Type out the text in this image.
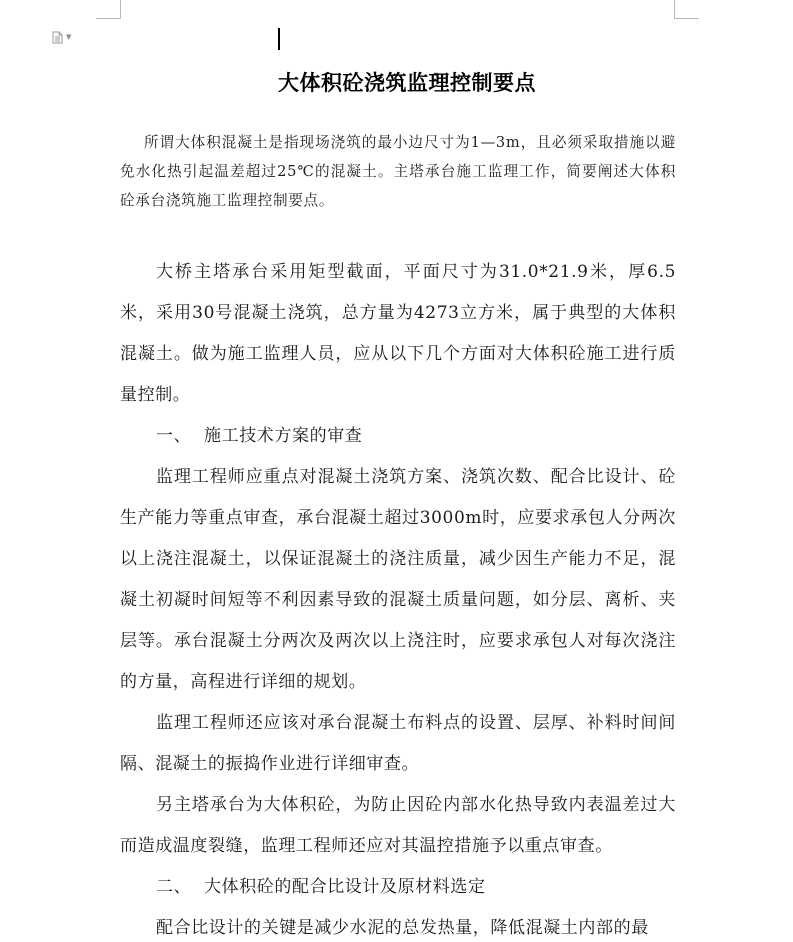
▼
大体积砼浇筑监理控制要点
所谓大体积混凝土是指现场浇筑的最小边尺寸为1—3m，且必须采取措施以避免水化热引起温差超过25℃的混凝土。主塔承台施工监理工作，简要阐述大体积砼承台浇筑施工监理控制要点。

大桥主塔承台采用矩型截面，平面尺寸为31.0*21.9米，厚6.5米，采用30号混凝土浇筑，总方量为4273立方米，属于典型的大体积混凝土。做为施工监理人员，应从以下几个方面对大体积砼施工进行质量控制。

一、 施工技术方案的审查

监理工程师应重点对混凝土浇筑方案、浇筑次数、配合比设计、砼生产能力等重点审查，承台混凝土超过3000m时，应要求承包人分两次以上浇注混凝土，以保证混凝土的浇注质量，减少因生产能力不足，混凝土初凝时间短等不利因素导致的混凝土质量问题，如分层、离析、夹层等。承台混凝土分两次及两次以上浇注时，应要求承包人对每次浇注的方量，高程进行详细的规划。

监理工程师还应该对承台混凝土布料点的设置、层厚、补料时间间隔、混凝土的振捣作业进行详细审查。

另主塔承台为大体积砼，为防止因砼内部水化热导致内表温差过大而造成温度裂缝，监理工程师还应对其温控措施予以重点审查。

二、 大体积砼的配合比设计及原材料选定

配合比设计的关键是减少水泥的总发热量，降低混凝土内部的最
